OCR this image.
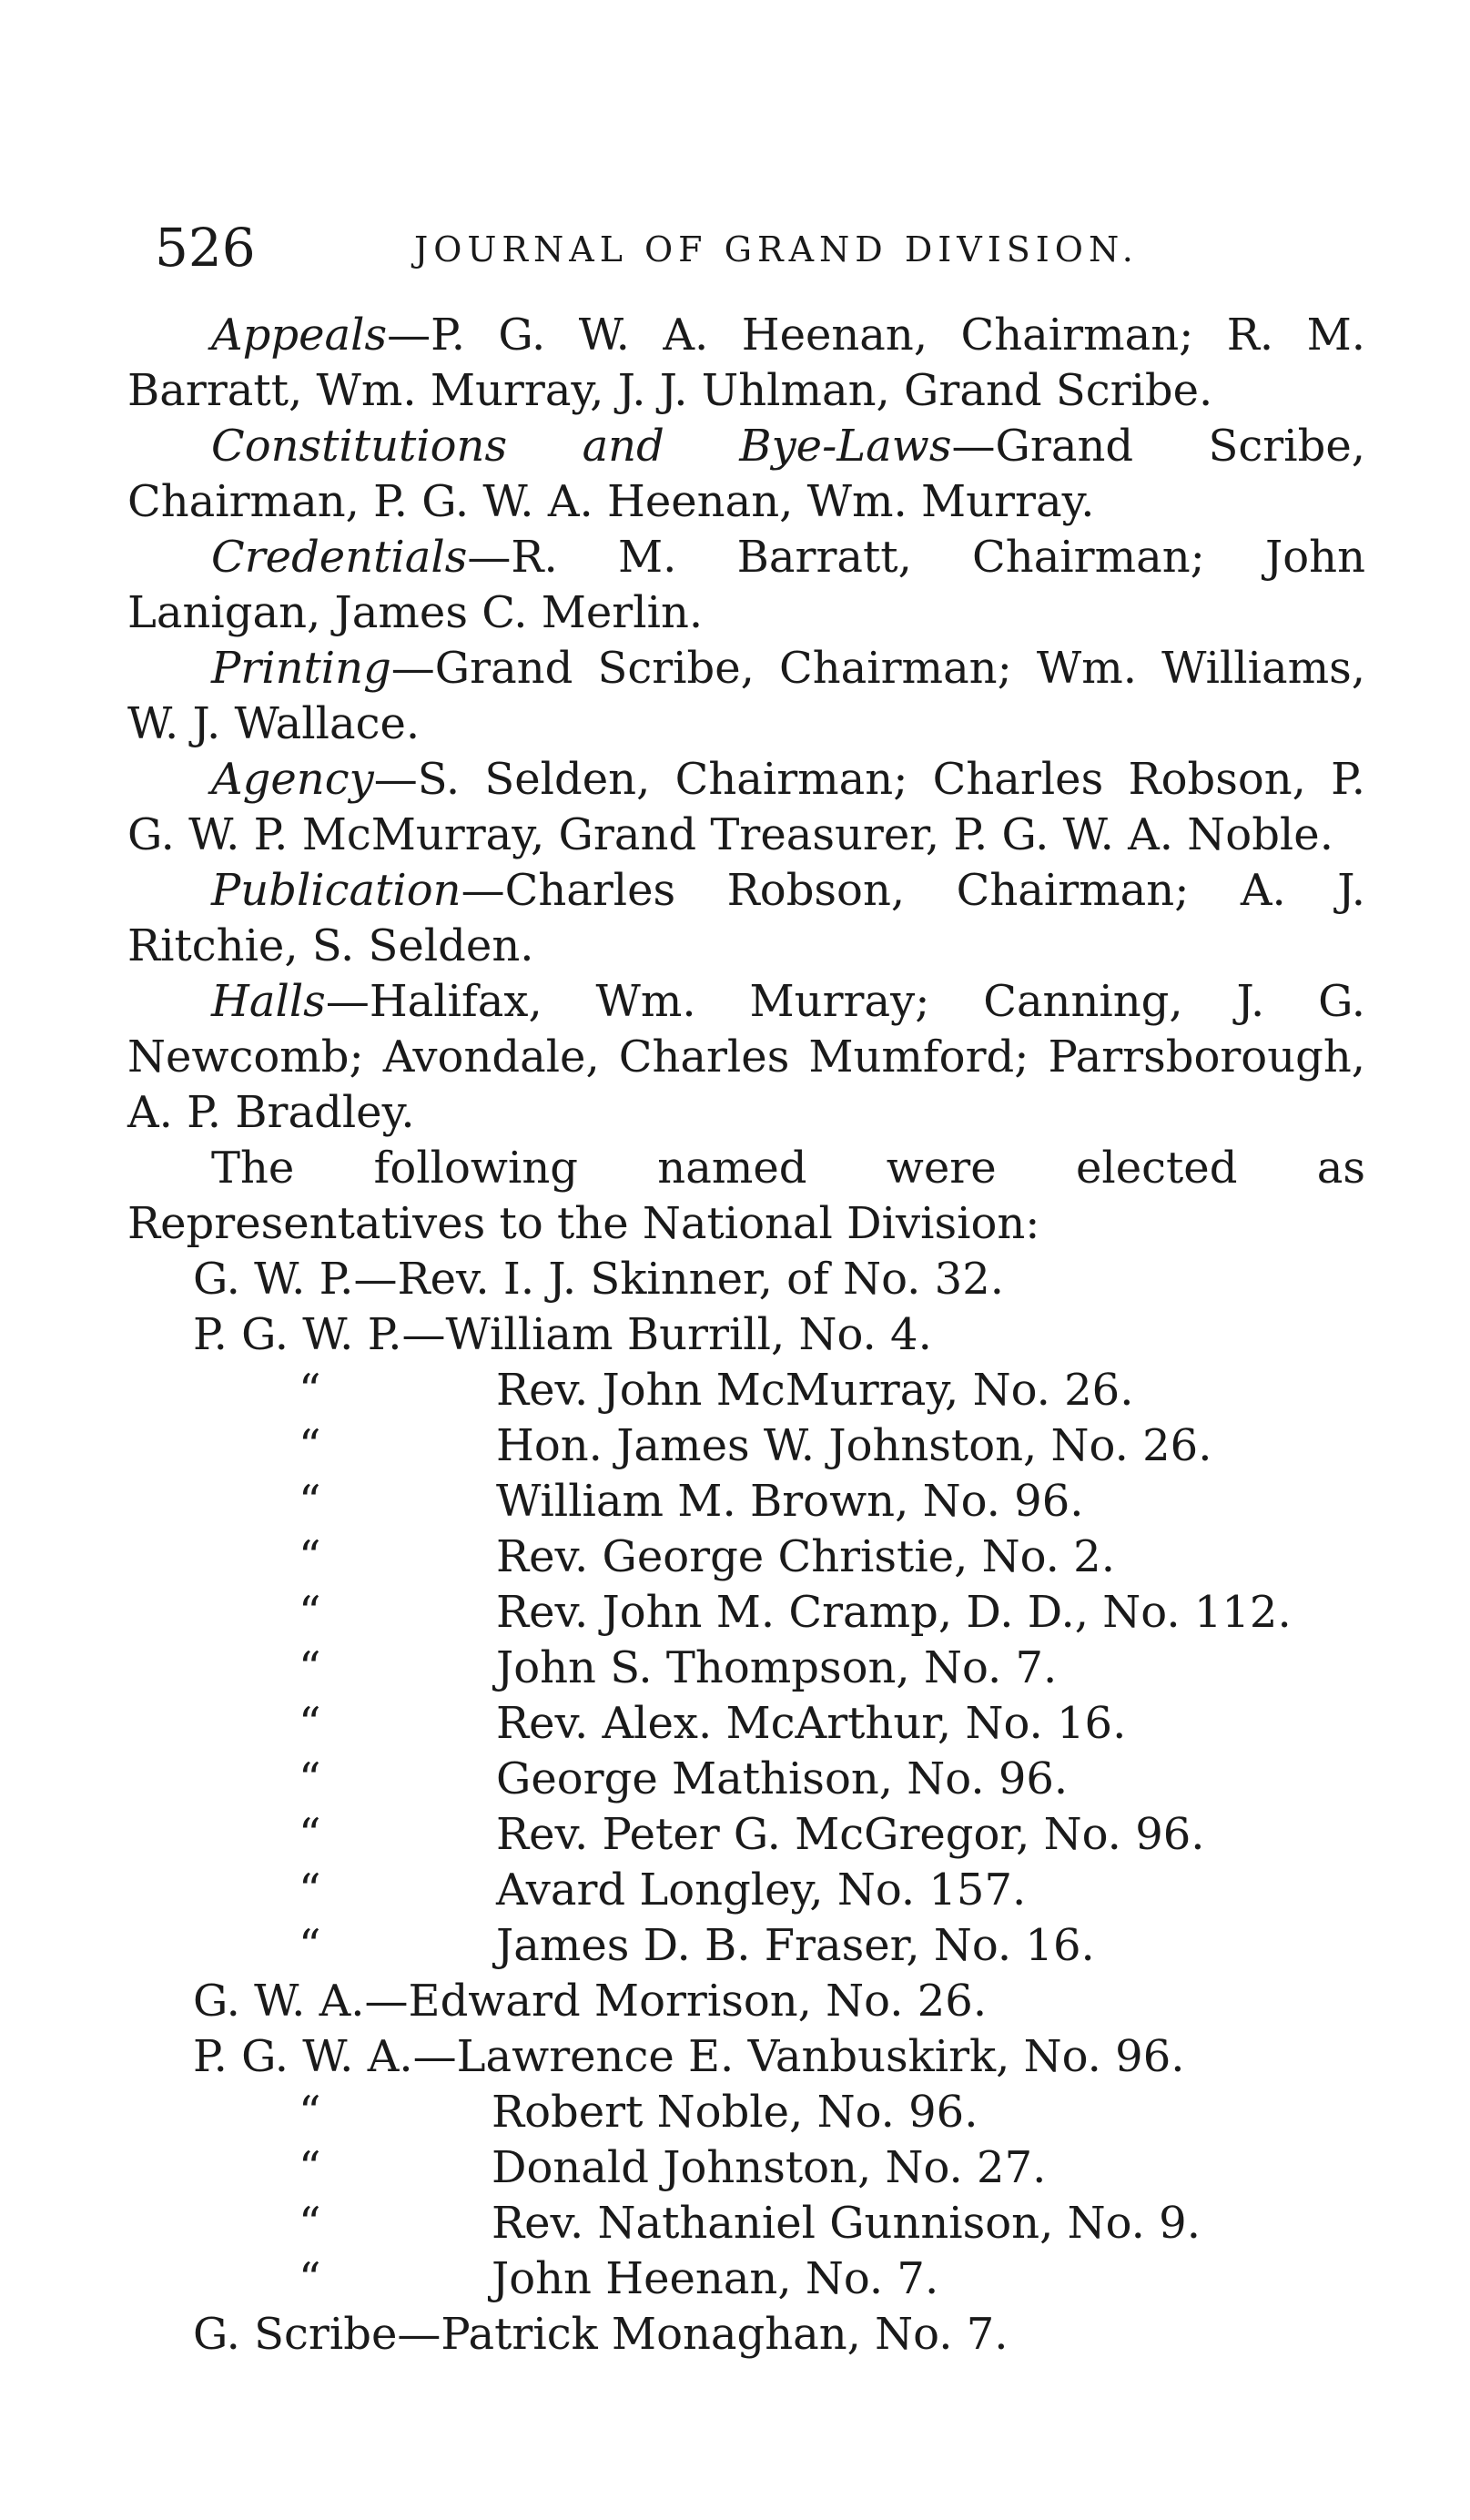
526	JOURNAL OF GRAND DIVISION.

Appeals—P. G. W. A. Heenan, Chairman; R. M. Barratt, Wm. Murray, J. J. Uhlman, Grand Scribe.

Constitutions and Bye-Laws—Grand Scribe, Chairman, P. G. W. A. Heenan, Wm. Murray.

Credentials—R. M. Barratt, Chairman; John Lanigan, James C. Merlin.

Printing—Grand Scribe, Chairman; Wm. Williams, W. J. Wallace.

Agency—S. Selden, Chairman; Charles Robson, P. G. W. P. McMurray, Grand Treasurer, P. G. W. A. Noble.

Publication—Charles Robson, Chairman; A. J. Ritchie, S. Selden.

Halls—Halifax, Wm. Murray; Canning, J. G. Newcomb; Avondale, Charles Mumford; Parrsborough, A. P. Bradley.

The following named were elected as Representatives to the National Division:

G. W. P.—Rev. I. J. Skinner, of No. 32.
P. G. W. P.—William Burrill, No. 4.
“	Rev. John McMurray, No. 26.
“	Hon. James W. Johnston, No. 26.
“	William M. Brown, No. 96.
“	Rev. George Christie, No. 2.
“	Rev. John M. Cramp, D. D., No. 112.
“	John S. Thompson, No. 7.
“	Rev. Alex. McArthur, No. 16.
“	George Mathison, No. 96.
“	Rev. Peter G. McGregor, No. 96.
“	Avard Longley, No. 157.
“	James D. B. Fraser, No. 16.
G. W. A.—Edward Morrison, No. 26.
P. G. W. A.—Lawrence E. Vanbuskirk, No. 96.
“	Robert Noble, No. 96.
“	Donald Johnston, No. 27.
“	Rev. Nathaniel Gunnison, No. 9.
“	John Heenan, No. 7.
G. Scribe—Patrick Monaghan, No. 7.
